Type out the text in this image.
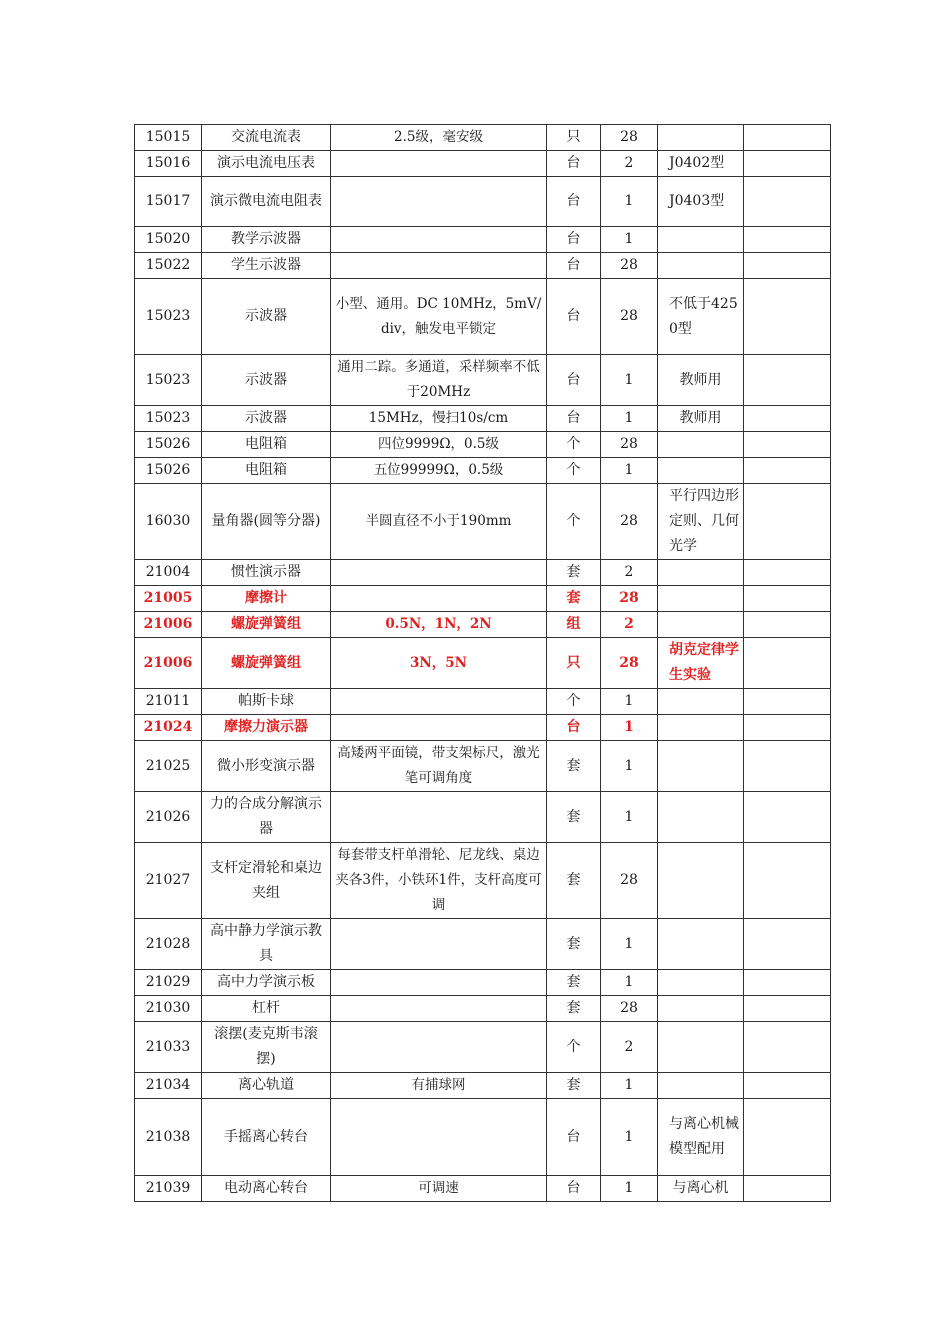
15015	交流电流表	2.5级，毫安级	只	28		
15016	演示电流电压表		台	2	J0402型	
15017	演示微电流电阻表		台	1	J0403型	
15020	教学示波器		台	1		
15022	学生示波器		台	28		
15023	示波器	小型、通用。DC 10MHz，5mV/div，触发电平锁定	台	28	不低于4250型	
15023	示波器	通用二踪。多通道，采样频率不低于20MHz	台	1	教师用	
15023	示波器	15MHz，慢扫10s/cm	台	1	教师用	
15026	电阻箱	四位9999Ω，0.5级	个	28		
15026	电阻箱	五位99999Ω，0.5级	个	1		
16030	量角器(圆等分器)	半圆直径不小于190mm	个	28	平行四边形定则、几何光学	
21004	惯性演示器		套	2		
21005	摩擦计		套	28		
21006	螺旋弹簧组	0.5N，1N，2N	组	2		
21006	螺旋弹簧组	3N，5N	只	28	胡克定律学生实验	
21011	帕斯卡球		个	1		
21024	摩擦力演示器		台	1		
21025	微小形变演示器	高矮两平面镜，带支架标尺，激光笔可调角度	套	1		
21026	力的合成分解演示器		套	1		
21027	支杆定滑轮和桌边夹组	每套带支杆单滑轮、尼龙线、桌边夹各3件，小铁环1件，支杆高度可调	套	28		
21028	高中静力学演示教具		套	1		
21029	高中力学演示板		套	1		
21030	杠杆		套	28		
21033	滚摆(麦克斯韦滚摆)		个	2		
21034	离心轨道	有捕球网	套	1		
21038	手摇离心转台		台	1	与离心机械模型配用	
21039	电动离心转台	可调速	台	1	与离心机	
